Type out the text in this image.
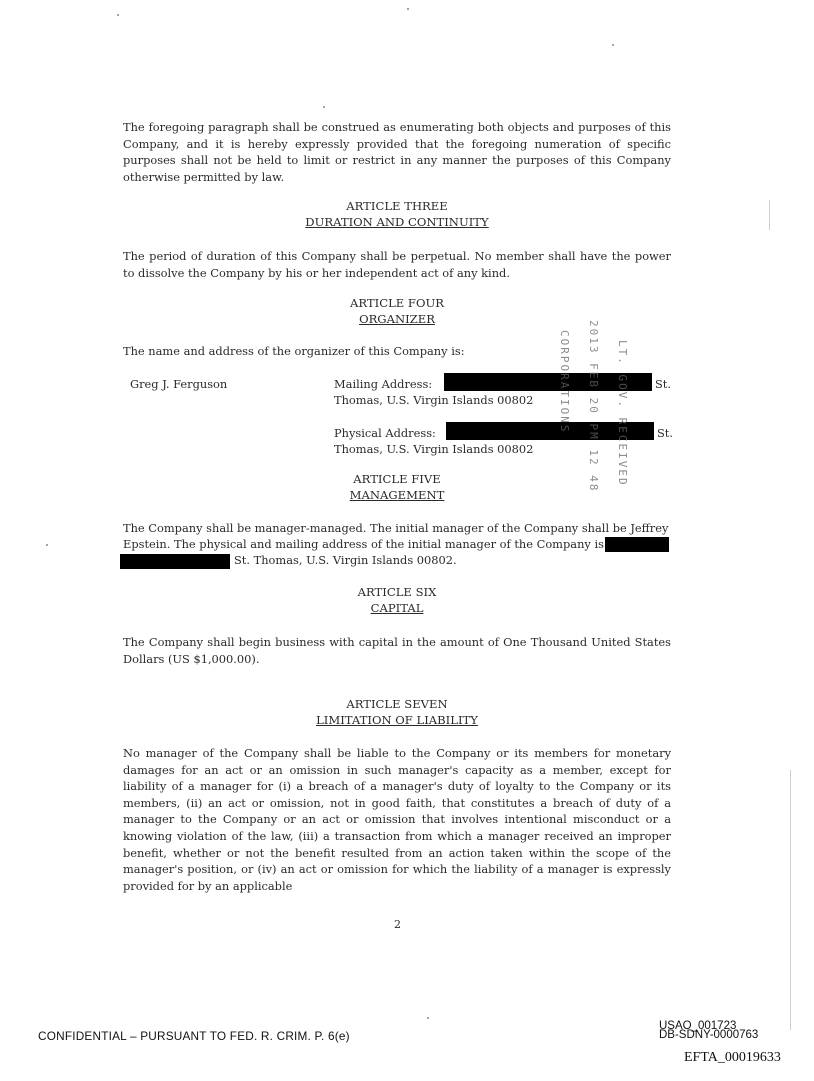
The foregoing paragraph shall be construed as enumerating both objects and purposes of this Company, and it is hereby expressly provided that the foregoing numeration of specific purposes shall not be held to limit or restrict in any manner the purposes of this Company otherwise permitted by law.

ARTICLE THREE
DURATION AND CONTINUITY

The period of duration of this Company shall be perpetual. No member shall have the power to dissolve the Company by his or her independent act of any kind.

ARTICLE FOUR
ORGANIZER

The name and address of the organizer of this Company is:

Greg J. Ferguson	Mailing Address:	St.

Thomas, U.S. Virgin Islands 00802

Physical Address:	St.

Thomas, U.S. Virgin Islands 00802

CORPORATIONS 2013 FEB 20 PM 12 48 LT. GOV. RECEIVED
ARTICLE FIVE
MANAGEMENT

The Company shall be manager-managed. The initial manager of the Company shall be Jeffrey

Epstein. The physical and mailing address of the initial manager of the Company is

St. Thomas, U.S. Virgin Islands 00802.

ARTICLE SIX
CAPITAL

The Company shall begin business with capital in the amount of One Thousand United States Dollars (US $1,000.00).

ARTICLE SEVEN
LIMITATION OF LIABILITY

No manager of the Company shall be liable to the Company or its members for monetary damages for an act or an omission in such manager's capacity as a member, except for liability of a manager for (i) a breach of a manager's duty of loyalty to the Company or its members, (ii) an act or omission, not in good faith, that constitutes a breach of duty of a manager to the Company or an act or omission that involves intentional misconduct or a knowing violation of the law, (iii) a transaction from which a manager received an improper benefit, whether or not the benefit resulted from an action taken within the scope of the manager's position, or (iv) an act or omission for which the liability of a manager is expressly provided for by an applicable

2

CONFIDENTIAL – PURSUANT TO FED. R. CRIM. P. 6(e)
USAO_001723
DB-SDNY-0000763
EFTA_00019633
